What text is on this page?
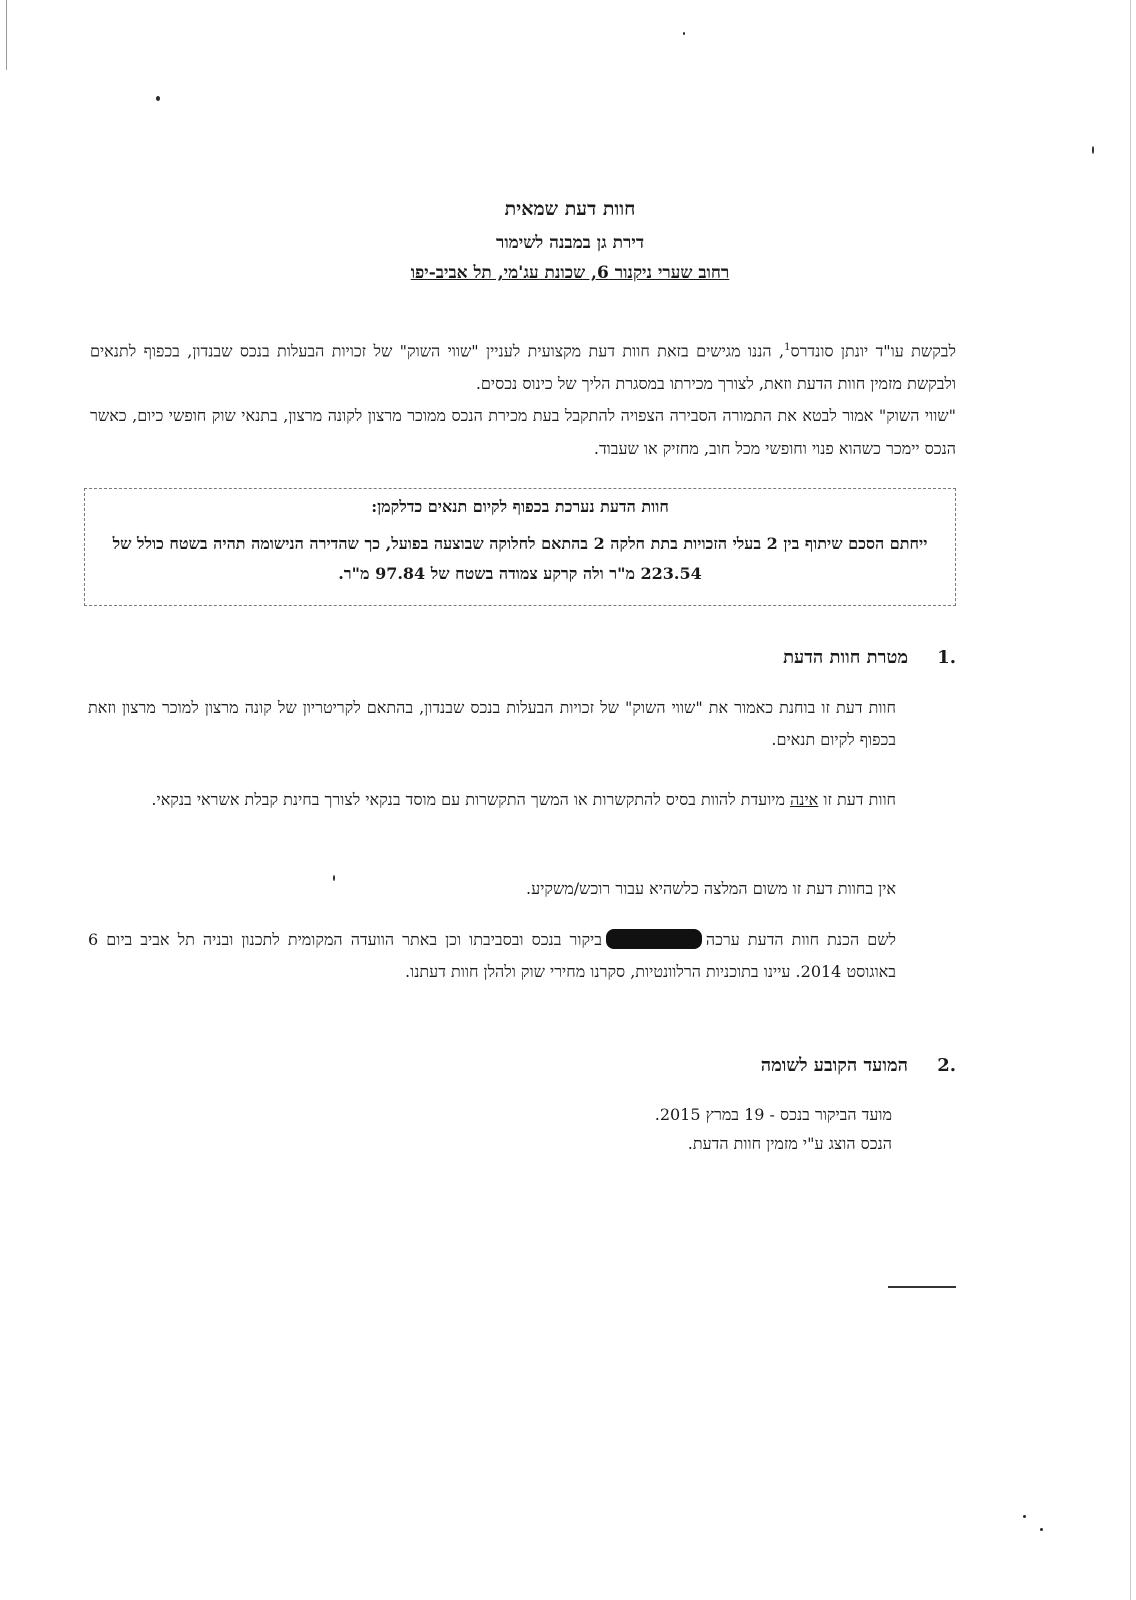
חוות דעת שמאית
דירת גן במבנה לשימור
רחוב שערי ניקנור 6, שכונת עג'מי, תל אביב-יפו

לבקשת עו"ד יונתן סונדרס$^1$, הננו מגישים בזאת חוות דעת מקצועית לעניין "שווי השוק" של זכויות הבעלות בנכס שבנדון, בכפוף לתנאים ולבקשת מזמין חוות הדעת וזאת, לצורך מכירתו במסגרת הליך של כינוס נכסים.

"שווי השוק" אמור לבטא את התמורה הסבירה הצפויה להתקבל בעת מכירת הנכס ממוכר מרצון לקונה מרצון, בתנאי שוק חופשי כיום, כאשר הנכס יימכר כשהוא פנוי וחופשי מכל חוב, מחזיק או שעבוד.

חוות הדעת נערכת בכפוף לקיום תנאים כדלקמן:

ייחתם הסכם שיתוף בין 2 בעלי הזכויות בתת חלקה 2 בהתאם לחלוקה שבוצעה בפועל, כך שהדירה הנישומה תהיה בשטח כולל של 223.54 מ"ר ולה קרקע צמודה בשטח של 97.84 מ"ר.

.1מטרת חוות הדעת

חוות דעת זו בוחנת כאמור את "שווי השוק" של זכויות הבעלות בנכס שבנדון, בהתאם לקריטריון של קונה מרצון למוכר מרצון וזאת בכפוף לקיום תנאים.

חוות דעת זו אינה מיועדת להוות בסיס להתקשרות או המשך התקשרות עם מוסד בנקאי לצורך בחינת קבלת אשראי בנקאי.

אין בחוות דעת זו משום המלצה כלשהיא עבור רוכש/משקיע.

לשם הכנת חוות הדעת ערכהביקור בנכס ובסביבתו וכן באתר הוועדה המקומית לתכנון ובניה תל אביב ביום 6 באוגוסט 2014. עיינו בתוכניות הרלוונטיות, סקרנו מחירי שוק ולהלן חוות דעתנו.

.2המועד הקובע לשומה
מועד הביקור בנכס - 19 במרץ 2015.
הנכס הוצג ע"י מזמין חוות הדעת.
